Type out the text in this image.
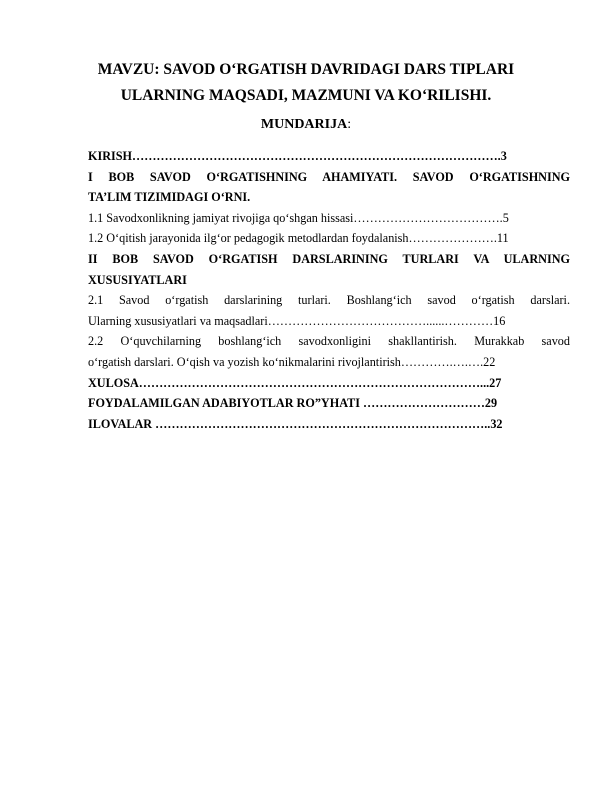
MAVZU: SAVOD O‘RGATISH DAVRIDAGI DARS TIPLARI
ULARNING MAQSADI, MAZMUNI VA KO‘RILISHI.
MUNDARIJA:
KIRISH……………………………………………………………………………….3
I BOB SAVOD O‘RGATISHNING AHAMIYATI. SAVOD O‘RGATISHNING
TA’LIM TIZIMIDAGI O‘RNI.
1.1 Savodxonlikning jamiyat rivojiga qo‘shgan hissasi……………………………….5
1.2 O‘qitish jarayonida ilg‘or pedagogik metodlardan foydalanish………………….11
II BOB SAVOD O‘RGATISH DARSLARINING TURLARI VA ULARNING
XUSUSIYATLARI
2.1 Savod o‘rgatish darslarining turlari. Boshlang‘ich savod o‘rgatish darslari.
Ularning xususiyatlari va maqsadlari…………………………………......…………16
2.2 O‘quvchilarning boshlang‘ich savodxonligini shakllantirish. Murakkab savod
o‘rgatish darslari. O‘qish va yozish ko‘nikmalarini rivojlantirish………….….….22
XULOSA…………………………………………………………………………...27
FOYDALAMILGAN ADABIYOTLAR RO”YHATI …………………………29
ILOVALAR ………………………………………………………………………..32
